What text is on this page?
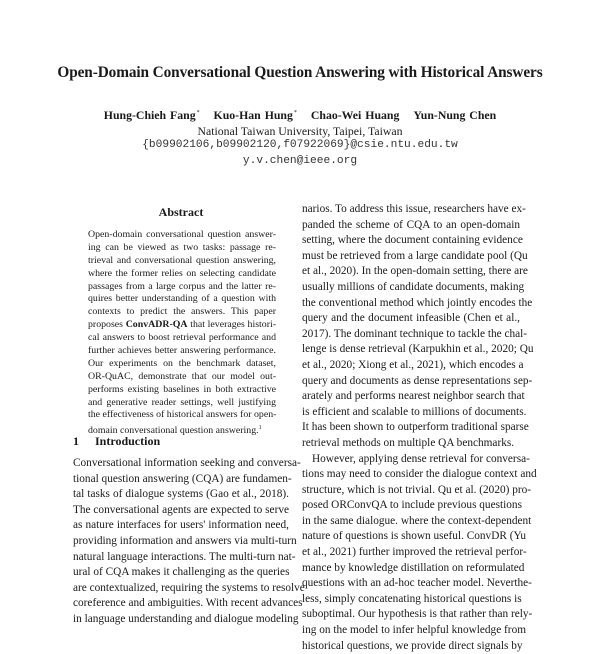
Open-Domain Conversational Question Answering with Historical Answers
Hung-Chieh Fang* Kuo-Han Hung* Chao-Wei Huang Yun-Nung Chen
National Taiwan University, Taipei, Taiwan
{b09902106,b09902120,f07922069}@csie.ntu.edu.tw
y.v.chen@ieee.org
Abstract
Open-domain conversational question answer-
ing can be viewed as two tasks: passage re-
trieval and conversational question answering,
where the former relies on selecting candidate
passages from a large corpus and the latter re-
quires better understanding of a question with
contexts to predict the answers. This paper
proposes ConvADR-QA that leverages histori-
cal answers to boost retrieval performance and
further achieves better answering performance.
Our experiments on the benchmark dataset,
OR-QuAC, demonstrate that our model out-
performs existing baselines in both extractive
and generative reader settings, well justifying
the effectiveness of historical answers for open-
domain conversational question answering.$^1$
1 Introduction
Conversational information seeking and conversa-
tional question answering (CQA) are fundamen-
tal tasks of dialogue systems (Gao et al., 2018).
The conversational agents are expected to serve
as nature interfaces for users' information need,
providing information and answers via multi-turn
natural language interactions. The multi-turn nat-
ural of CQA makes it challenging as the queries
are contextualized, requiring the systems to resolve
coreference and ambiguities. With recent advances
in language understanding and dialogue modeling
narios. To address this issue, researchers have ex-
panded the scheme of CQA to an open-domain
setting, where the document containing evidence
must be retrieved from a large candidate pool (Qu
et al., 2020). In the open-domain setting, there are
usually millions of candidate documents, making
the conventional method which jointly encodes the
query and the document infeasible (Chen et al.,
2017). The dominant technique to tackle the chal-
lenge is dense retrieval (Karpukhin et al., 2020; Qu
et al., 2020; Xiong et al., 2021), which encodes a
query and documents as dense representations sep-
arately and performs nearest neighbor search that
is efficient and scalable to millions of documents.
It has been shown to outperform traditional sparse
retrieval methods on multiple QA benchmarks.
However, applying dense retrieval for conversa-
tions may need to consider the dialogue context and
structure, which is not trivial. Qu et al. (2020) pro-
posed ORConvQA to include previous questions
in the same dialogue. where the context-dependent
nature of questions is shown useful. ConvDR (Yu
et al., 2021) further improved the retrieval perfor-
mance by knowledge distillation on reformulated
questions with an ad-hoc teacher model. Neverthe-
less, simply concatenating historical questions is
suboptimal. Our hypothesis is that rather than rely-
ing on the model to infer helpful knowledge from
historical questions, we provide direct signals by
